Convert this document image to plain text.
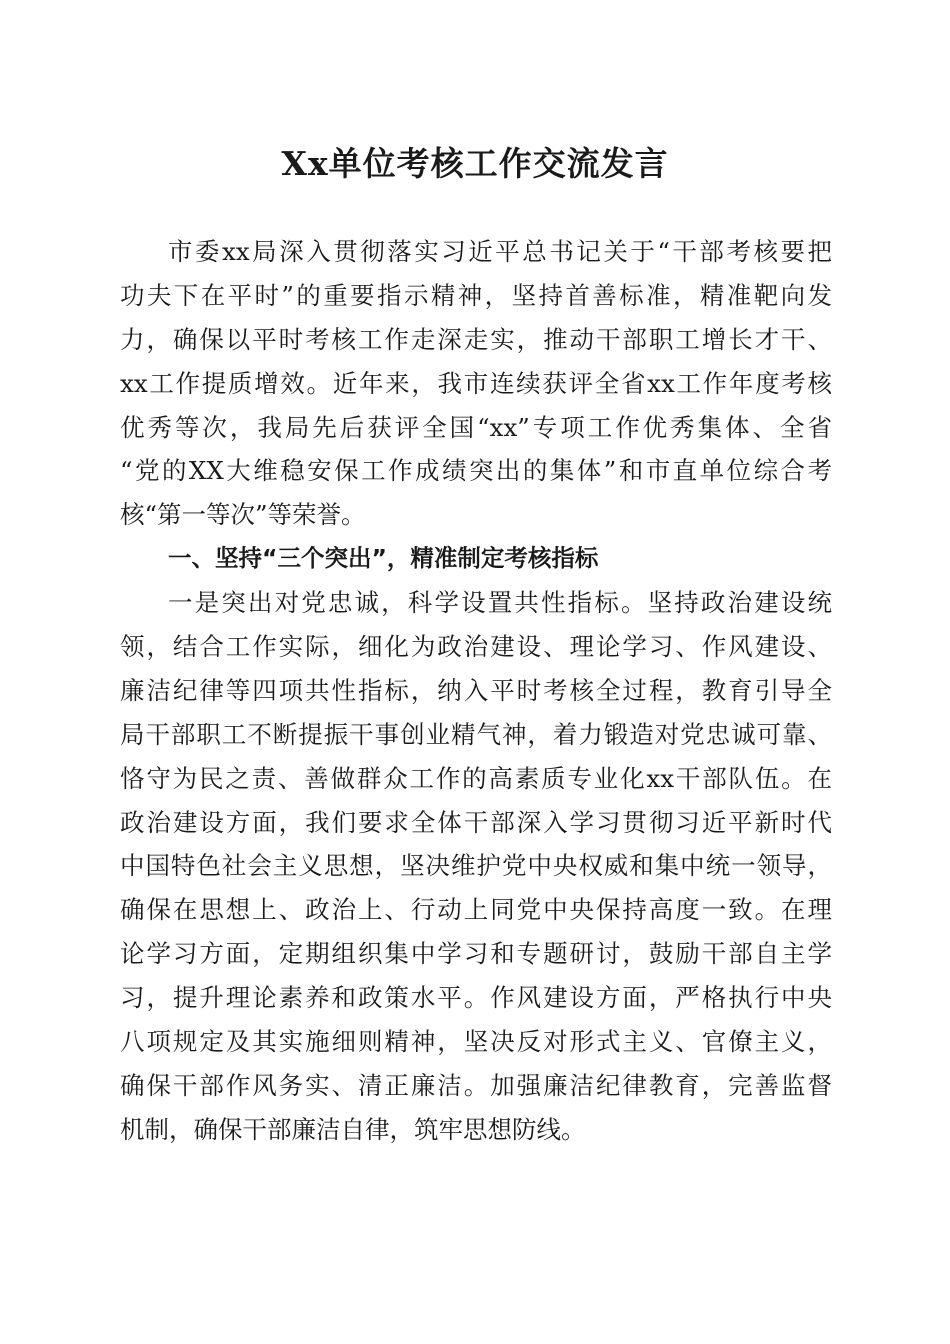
Xx单位考核工作交流发言
市委xx局深入贯彻落实习近平总书记关于“干部考核要把
功夫下在平时”的重要指示精神，坚持首善标准，精准靶向发
力，确保以平时考核工作走深走实，推动干部职工增长才干、
xx工作提质增效。近年来，我市连续获评全省xx工作年度考核
优秀等次，我局先后获评全国“xx”专项工作优秀集体、全省
“党的XX大维稳安保工作成绩突出的集体”和市直单位综合考
核“第一等次”等荣誉。
一、坚持“三个突出”，精准制定考核指标
一是突出对党忠诚，科学设置共性指标。坚持政治建设统
领，结合工作实际，细化为政治建设、理论学习、作风建设、
廉洁纪律等四项共性指标，纳入平时考核全过程，教育引导全
局干部职工不断提振干事创业精气神，着力锻造对党忠诚可靠、
恪守为民之责、善做群众工作的高素质专业化xx干部队伍。在
政治建设方面，我们要求全体干部深入学习贯彻习近平新时代
中国特色社会主义思想，坚决维护党中央权威和集中统一领导，
确保在思想上、政治上、行动上同党中央保持高度一致。在理
论学习方面，定期组织集中学习和专题研讨，鼓励干部自主学
习，提升理论素养和政策水平。作风建设方面，严格执行中央
八项规定及其实施细则精神，坚决反对形式主义、官僚主义，
确保干部作风务实、清正廉洁。加强廉洁纪律教育，完善监督
机制，确保干部廉洁自律，筑牢思想防线。
